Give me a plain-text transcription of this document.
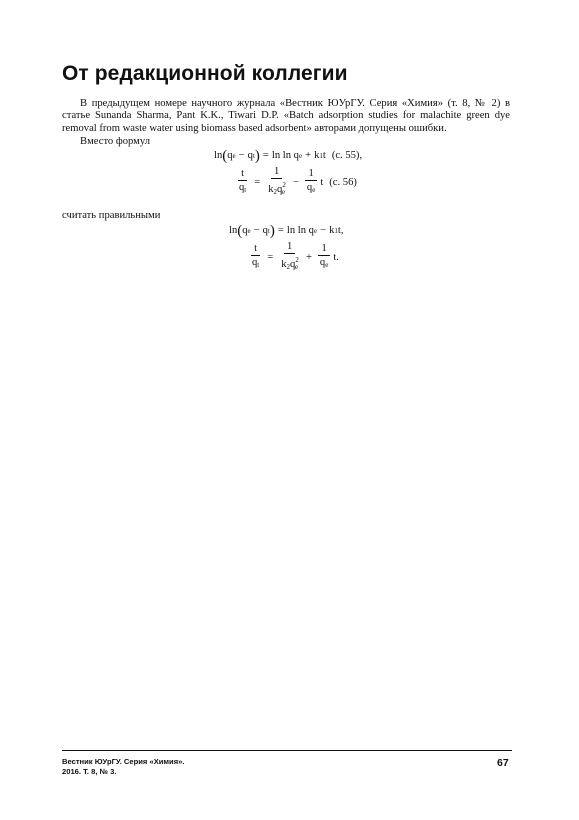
От редакционной коллегии
В предыдущем номере научного журнала «Вестник ЮУрГУ. Серия «Химия» (т. 8, № 2) в статье Sunanda Sharma, Pant K.K., Tiwari D.P. «Batch adsorption studies for malachite green dye removal from waste water using biomass based adsorbent» авторами допущены ошибки.
Вместо формул
ln ( q e − q t ) = ln ln
q e + k 1 t (с. 55),
$\frac{t}{q_t} = \frac{1}{k_2q^2_e} - \frac{1}{q_e}$ t (с. 56)
считать правильными
ln ( q e − q t ) = ln ln
q e − k 1 t ,
$\frac{t}{q_t} = \frac{1}{k_2q^2_e} + \frac{1}{q_e}$ t .
Вестник ЮУрГУ. Серия «Химия».
2016. Т. 8, № 3.
67
